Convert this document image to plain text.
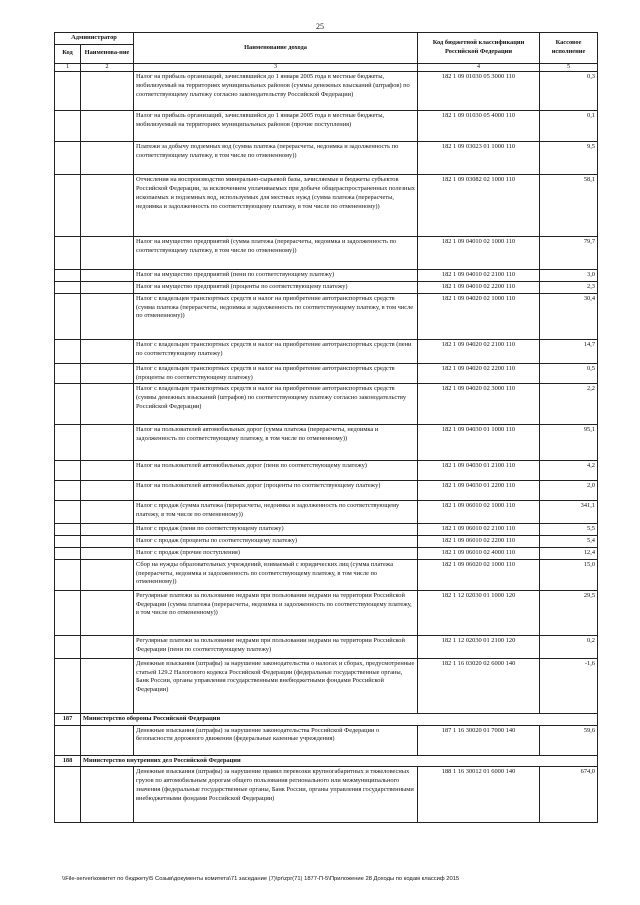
25
Администратор		Наименование дохода	Код бюджетной классификации Российской Федерации	Кассовое исполнение
Код	Наименова-ние			
1	2	3	4	5
		Налог на прибыль организаций, зачислявшийся до 1 января 2005 года в местные бюджеты, мобилизуемый на территориях муниципальных районов (суммы денежных взысканий (штрафов) по соответствующему платежу согласно законодательству Российской Федерации)	182 1 09 01030 05 3000 110	0,3
		Налог на прибыль организаций, зачислявшийся до 1 января 2005 года в местные бюджеты, мобилизуемый на территориях муниципальных районов (прочие поступления)	182 1 09 01030 05 4000 110	0,1
		Платежи за добычу подземных вод (сумма платежа (перерасчеты, недоимка и задолженность по соответствующему платежу, в том числе по отмененному))	182 1 09 03023 01 1000 110	9,5
		Отчисления на воспроизводство минерально-сырьевой базы, зачисляемые в бюджеты субъектов Российской Федерации, за исключением уплачиваемых при добыче общераспространенных полезных ископаемых и подземных вод, используемых для местных нужд (сумма платежа (перерасчеты, недоимка и задолженность по соответствующему платежу, в том числе по отмененному))	182 1 09 03082 02 1000 110	58,1
		Налог на имущество предприятий (сумма платежа (перерасчеты, недоимка и задолженность по соответствующему платежу, в том числе по отмененному))	182 1 09 04010 02 1000 110	79,7
		Налог на имущество предприятий (пени по соответствующему платежу)	182 1 09 04010 02 2100 110	3,0
		Налог на имущество предприятий (проценты по соответствующему платежу)	182 1 09 04010 02 2200 110	2,3
		Налог с владельцев транспортных средств и налог на приобретение автотранспортных средств (сумма платежа (перерасчеты, недоимка и задолженность по соответствующему платежу, в том числе по отмененному))	182 1 09 04020 02 1000 110	30,4
		Налог с владельцев транспортных средств и налог на приобретение автотранспортных средств (пени по соответствующему платежу)	182 1 09 04020 02 2100 110	14,7
		Налог с владельцев транспортных средств и налог на приобретение автотранспортных средств (проценты по соответствующему платежу)	182 1 09 04020 02 2200 110	0,5
		Налог с владельцев транспортных средств и налог на приобретение автотранспортных средств (суммы денежных взысканий (штрафов) по соответствующему платежу согласно законодательству Российской Федерации)	182 1 09 04020 02 3000 110	2,2
		Налог на пользователей автомобильных дорог (сумма платежа (перерасчеты, недоимка и задолженность по соответствующему платежу, в том числе по отмененному))	182 1 09 04030 01 1000 110	95,1
		Налог на пользователей автомобильных дорог (пени по соответствующему платежу)	182 1 09 04030 01 2100 110	4,2
		Налог на пользователей автомобильных дорог (проценты по соответствующему платежу)	182 1 09 04030 01 2200 110	2,0
		Налог с продаж (сумма платежа (перерасчеты, недоимка и задолженность по соответствующему платежу, в том числе по отмененному))	182 1 09 06010 02 1000 110	341,1
		Налог с продаж (пени по соответствующему платежу)	182 1 09 06010 02 2100 110	5,5
		Налог с продаж (проценты по соответствующему платежу)	182 1 09 06010 02 2200 110	5,4
		Налог с продаж (прочие поступления)	182 1 09 06010 02 4000 110	12,4
		Сбор на нужды образовательных учреждений, взимаемый с юридических лиц (сумма платежа (перерасчеты, недоимка и задолженность по соответствующему платежу, в том числе по отмененному))	182 1 09 06020 02 1000 110	15,0
		Регулярные платежи за пользование недрами при пользовании недрами на территории Российской Федерации (сумма платежа (перерасчеты, недоимка и задолженность по соответствующему платежу, в том числе по отмененному))	182 1 12 02030 01 1000 120	29,5
		Регулярные платежи за пользование недрами при пользовании недрами на территории Российской Федерации (пени по соответствующему платежу)	182 1 12 02030 01 2100 120	0,2
		Денежные взыскания (штрафы) за нарушение законодательства о налогах и сборах, предусмотренные статьей 129.2 Налогового кодекса Российской Федерации (федеральные государственные органы, Банк России, органы управления государственными внебюджетными фондами Российской Федерации)	182 1 16 03020 02 6000 140	-1,6
187	Министерство обороны Российской Федерации			
		Денежные взыскания (штрафы) за нарушение законодательства Российской Федерации о безопасности дорожного движения (федеральные казенные учреждения)	187 1 16 30020 01 7000 140	59,6
188	Министерство внутренних дел Российской Федерации			
		Денежные взыскания (штрафы) за нарушение правил перевозки крупногабаритных и тяжеловесных грузов по автомобильным дорогам общего пользования регионального или межмуниципального значения (федеральные государственные органы, Банк России, органы управления государственными внебюджетными фондами Российской Федерации)	188 1 16 30012 01 6000 140	674,0
\\File-server\комитет по бюджету\5 Созыв\документы комитета\71 заседание (7)\pr\zpr(71) 1877-П-5\Приложение 28 Доходы по кодам классиф 2015
